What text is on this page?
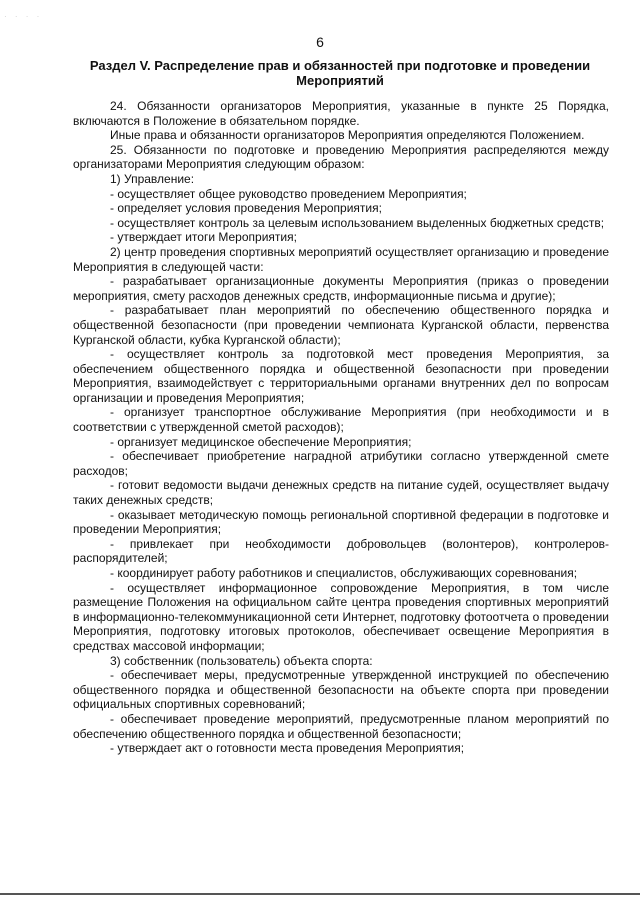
· · · ·
6
Раздел V. Распределение прав и обязанностей при подготовке и проведении Мероприятий

24. Обязанности организаторов Мероприятия, указанные в пункте 25 Порядка, включаются в Положение в обязательном порядке.

Иные права и обязанности организаторов Мероприятия определяются Положением.

25. Обязанности по подготовке и проведению Мероприятия распределяются между организаторами Мероприятия следующим образом:

1) Управление:

- осуществляет общее руководство проведением Мероприятия;

- определяет условия проведения Мероприятия;

- осуществляет контроль за целевым использованием выделенных бюджетных средств;

- утверждает итоги Мероприятия;

2) центр проведения спортивных мероприятий осуществляет организацию и проведение Мероприятия в следующей части:

- разрабатывает организационные документы Мероприятия (приказ о проведении мероприятия, смету расходов денежных средств, информационные письма и другие);

- разрабатывает план мероприятий по обеспечению общественного порядка и общественной безопасности (при проведении чемпионата Курганской области, первенства Курганской области, кубка Курганской области);

- осуществляет контроль за подготовкой мест проведения Мероприятия, за обеспечением общественного порядка и общественной безопасности при проведении Мероприятия, взаимодействует с территориальными органами внутренних дел по вопросам организации и проведения Мероприятия;

- организует транспортное обслуживание Мероприятия (при необходимости и в соответствии с утвержденной сметой расходов);

- организует медицинское обеспечение Мероприятия;

- обеспечивает приобретение наградной атрибутики согласно утвержденной смете расходов;

- готовит ведомости выдачи денежных средств на питание судей, осуществляет выдачу таких денежных средств;

- оказывает методическую помощь региональной спортивной федерации в подготовке и проведении Мероприятия;

- привлекает при необходимости добровольцев (волонтеров), контролеров-распорядителей;

- координирует работу работников и специалистов, обслуживающих соревнования;

- осуществляет информационное сопровождение Мероприятия, в том числе размещение Положения на официальном сайте центра проведения спортивных мероприятий в информационно-телекоммуникационной сети Интернет, подготовку фотоотчета о проведении Мероприятия, подготовку итоговых протоколов, обеспечивает освещение Мероприятия в средствах массовой информации;

3) собственник (пользователь) объекта спорта:

- обеспечивает меры, предусмотренные утвержденной инструкцией по обеспечению общественного порядка и общественной безопасности на объекте спорта при проведении официальных спортивных соревнований;

- обеспечивает проведение мероприятий, предусмотренные планом мероприятий по обеспечению общественного порядка и общественной безопасности;

- утверждает акт о готовности места проведения Мероприятия;
